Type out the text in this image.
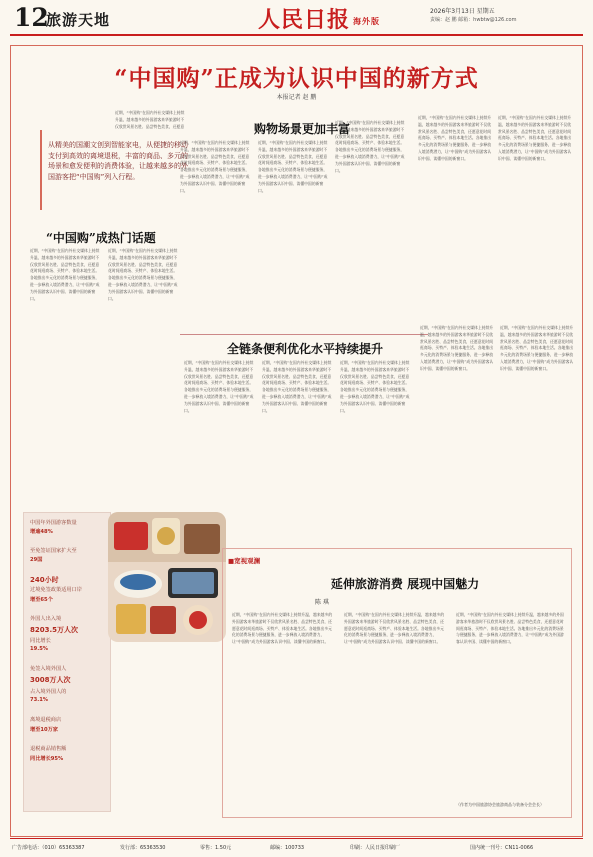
12
旅游天地	人民日报 海外版
2026年3月13日 星期五
责编：赵 鹏 邮箱：hwbtw@126.com
“中国购”正成为认识中国的新方式
本报记者 赵 鹏
从精美的国潮文创到智能家电，从便捷的移动支付到高效的离境退税，丰富的商品、多元的场景和愈发便利的消费体验，让越来越多的外国游客把“中国购”列入行程。
“中国购”成热门话题
近期，“中国购”在国内外社交媒体上持续升温，越来越多的外国游客来华旅游时不仅欣赏风景名胜、品尝特色美食，还愿意花时间逛商场、买特产、体验本地生活。各地推出多元化的消费场景与便捷服务，进一步释放入境消费潜力，让“中国购”成为外国游客认识中国、读懂中国的新窗口。
近期，“中国购”在国内外社交媒体上持续升温，越来越多的外国游客来华旅游时不仅欣赏风景名胜、品尝特色美食，还愿意花时间逛商场、买特产、体验本地生活。各地推出多元化的消费场景与便捷服务，进一步释放入境消费潜力，让“中国购”成为外国游客认识中国、读懂中国的新窗口。
近期，“中国购”在国内外社交媒体上持续升温，越来越多的外国游客来华旅游时不仅欣赏风景名胜、品尝特色美食，还愿意	购物场景更加丰富
近期，“中国购”在国内外社交媒体上持续升温，越来越多的外国游客来华旅游时不仅欣赏风景名胜、品尝特色美食，还愿意花时间逛商场、买特产、体验本地生活。各地推出多元化的消费场景与便捷服务，进一步释放入境消费潜力，让“中国购”成为外国游客认识中国、读懂中国的新窗口。
近期，“中国购”在国内外社交媒体上持续升温，越来越多的外国游客来华旅游时不仅欣赏风景名胜、品尝特色美食，还愿意花时间逛商场、买特产、体验本地生活。各地推出多元化的消费场景与便捷服务，进一步释放入境消费潜力，让“中国购”成为外国游客认识中国、读懂中国的新窗口。
近期，“中国购”在国内外社交媒体上持续升温，越来越多的外国游客来华旅游时不仅欣赏风景名胜、品尝特色美食，还愿意花时间逛商场、买特产、体验本地生活。各地推出多元化的消费场景与便捷服务，进一步释放入境消费潜力，让“中国购”成为外国游客认识中国、读懂中国的新窗口。
近期，“中国购”在国内外社交媒体上持续升温，越来越多的外国游客来华旅游时不仅欣赏风景名胜、品尝特色美食，还愿意花时间逛商场、买特产、体验本地生活。各地推出多元化的消费场景与便捷服务，进一步释放入境消费潜力，让“中国购”成为外国游客认识中国、读懂中国的新窗口。
近期，“中国购”在国内外社交媒体上持续升温，越来越多的外国游客来华旅游时不仅欣赏风景名胜、品尝特色美食，还愿意花时间逛商场、买特产、体验本地生活。各地推出多元化的消费场景与便捷服务，进一步释放入境消费潜力，让“中国购”成为外国游客认识中国、读懂中国的新窗口。
全链条便利优化水平持续提升
近期，“中国购”在国内外社交媒体上持续升温，越来越多的外国游客来华旅游时不仅欣赏风景名胜、品尝特色美食，还愿意花时间逛商场、买特产、体验本地生活。各地推出多元化的消费场景与便捷服务，进一步释放入境消费潜力，让“中国购”成为外国游客认识中国、读懂中国的新窗口。
近期，“中国购”在国内外社交媒体上持续升温，越来越多的外国游客来华旅游时不仅欣赏风景名胜、品尝特色美食，还愿意花时间逛商场、买特产、体验本地生活。各地推出多元化的消费场景与便捷服务，进一步释放入境消费潜力，让“中国购”成为外国游客认识中国、读懂中国的新窗口。
近期，“中国购”在国内外社交媒体上持续升温，越来越多的外国游客来华旅游时不仅欣赏风景名胜、品尝特色美食，还愿意花时间逛商场、买特产、体验本地生活。各地推出多元化的消费场景与便捷服务，进一步释放入境消费潜力，让“中国购”成为外国游客认识中国、读懂中国的新窗口。
近期，“中国购”在国内外社交媒体上持续升温，越来越多的外国游客来华旅游时不仅欣赏风景名胜、品尝特色美食，还愿意花时间逛商场、买特产、体验本地生活。各地推出多元化的消费场景与便捷服务，进一步释放入境消费潜力，让“中国购”成为外国游客认识中国、读懂中国的新窗口。
近期，“中国购”在国内外社交媒体上持续升温，越来越多的外国游客来华旅游时不仅欣赏风景名胜、品尝特色美食，还愿意花时间逛商场、买特产、体验本地生活。各地推出多元化的消费场景与便捷服务，进一步释放入境消费潜力，让“中国购”成为外国游客认识中国、读懂中国的新窗口。
中国年外国游客数量
增逾48%
至免签证国家扩大至
29国
240小时
过境免签政策适用口岸
增至65个
外国人出入境
8203.5万人次
同比增长
19.5%
免签入境外国人
3008万人次
占入境外国人的
73.1%
离境退税商店
增至10万家
退税商品销售额
同比增长95%
■宽视观澜
延伸旅游消费 展现中国魅力
陈 琪
近期，“中国购”在国内外社交媒体上持续升温，越来越多的外国游客来华旅游时不仅欣赏风景名胜、品尝特色美食，还愿意花时间逛商场、买特产、体验本地生活。各地推出多元化的消费场景与便捷服务，进一步释放入境消费潜力，让“中国购”成为外国游客认识中国、读懂中国的新窗口。
近期，“中国购”在国内外社交媒体上持续升温，越来越多的外国游客来华旅游时不仅欣赏风景名胜、品尝特色美食，还愿意花时间逛商场、买特产、体验本地生活。各地推出多元化的消费场景与便捷服务，进一步释放入境消费潜力，让“中国购”成为外国游客认识中国、读懂中国的新窗口。
近期，“中国购”在国内外社交媒体上持续升温，越来越多的外国游客来华旅游时不仅欣赏风景名胜、品尝特色美食，还愿意花时间逛商场、买特产、体验本地生活。各地推出多元化的消费场景与便捷服务，进一步释放入境消费潜力，让“中国购”成为外国游客认识中国、读懂中国的新窗口。
（作者为中国旅游协会旅游商品与装备分会会长）
广告部电话：（010）65363387	发行部：65363530	零售：1.50元	邮编：100733	印刷：人民日报印刷厂	国内统一刊号：CN11-0066
